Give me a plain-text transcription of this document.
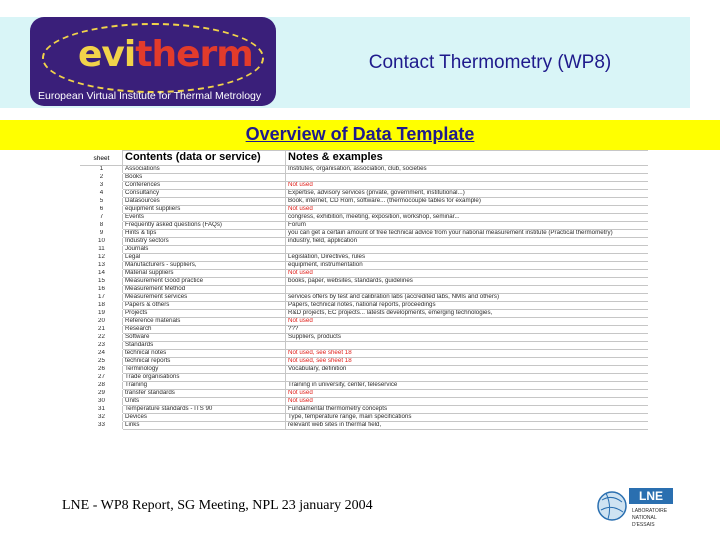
evitherm
European Virtual Institute for Thermal Metrology
Contact Thermometry (WP8)
Overview of Data Template
sheet	Contents (data or service)	Notes & examples
1	Associations	Institutes, organisation, association, club, societies
2	Books	
3	Conferences	Not used
4	Consultancy	Expertise, advisory services (private, government, institutional...)
5	Datasources	Book, internet, CD Rom, software... (thermocouple tables for example)
6	equipment suppliers	Not used
7	Events	congress, exhibition, meeting, exposition, workshop, seminar...
8	Frequently asked questions (FAQs)	Forum
9	Hints & tips	you can get a certain amount of free technical advice from your national measurement institute (Practical thermometry)
10	Industry sectors	industry, field, application
11	Journals	
12	Legal	Legislation, Directives, rules
13	Manufacturers - suppliers,	equipment, instrumentation
14	Material suppliers	Not used
15	Measurement Good practice	books, paper, websites, standards, guidelines
16	Measurement Method	
17	Measurement services	services offers by test and calibration labs (accredited labs, NMIs and others)
18	Papers & others	Papers, technical notes, national reports, proceedings
19	Projects	R&D projects, EC projects... latests developments, emerging technologies,
20	Reference materials	Not used
21	Research	???
22	Software	Suppliers, products
23	Standards	
24	technical notes	Not used, see sheet 18
25	technical reports	Not used, see sheet 18
26	Terminology	Vocabulary, definition
27	Trade organisations	
28	Training	Training in university, center, teleservice
29	transfer standards	Not used
30	Units	Not used
31	Temperature standards - ITS 90	Fundamental thermometry concepts
32	Devices	Type, temperature range, main specifications
33	Links	relevant web sites in thermal field,
LNE - WP8 Report, SG Meeting, NPL 23 january 2004
LNE
LABORATOIRE
NATIONAL
D'ESSAIS
